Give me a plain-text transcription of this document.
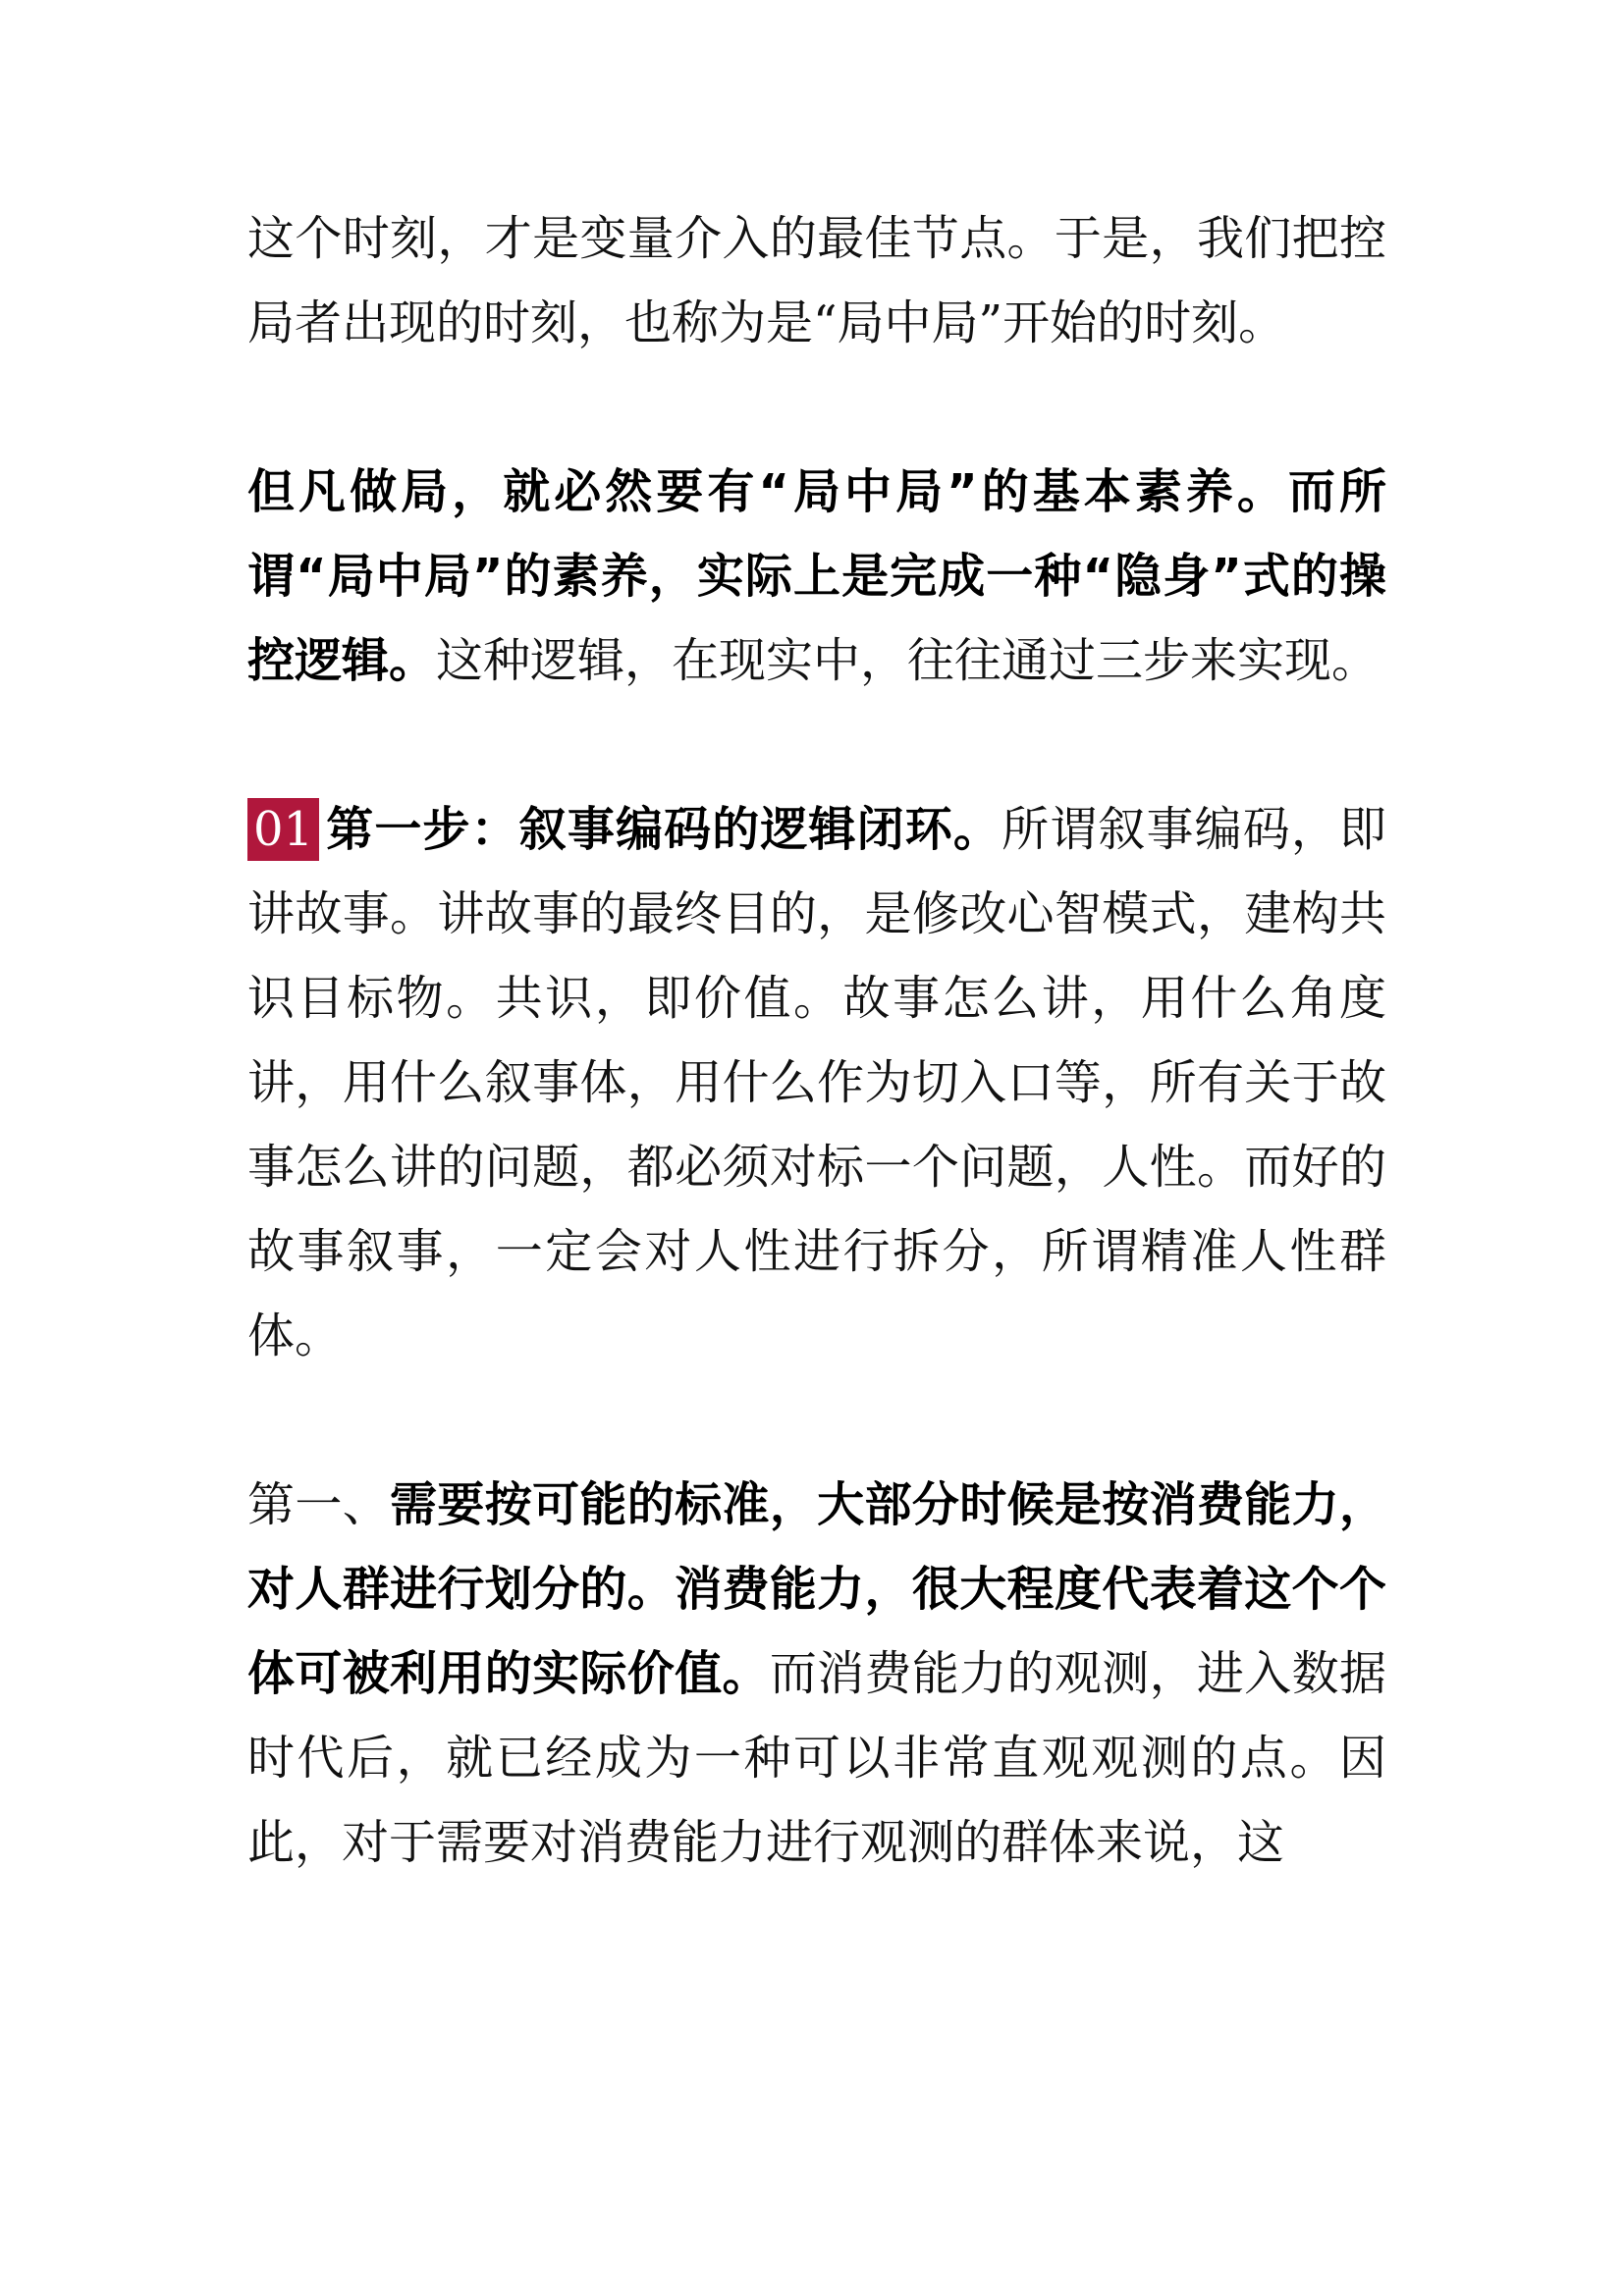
这个时刻，才是变量介入的最佳节点。于是，我们把控局者出现的时刻，也称为是“局中局”开始的时刻。

但凡做局，就必然要有“局中局”的基本素养。而所谓“局中局”的素养，实际上是完成一种“隐身”式的操控逻辑。这种逻辑，在现实中，往往通过三步来实现。

01 第一步：叙事编码的逻辑闭环。所谓叙事编码，即讲故事。讲故事的最终目的，是修改心智模式，建构共识目标物。共识，即价值。故事怎么讲，用什么角度讲，用什么叙事体，用什么作为切入口等，所有关于故事怎么讲的问题，都必须对标一个问题，人性。而好的故事叙事，一定会对人性进行拆分，所谓精准人性群体。

第一、需要按可能的标准，大部分时候是按消费能力，对人群进行划分的。消费能力，很大程度代表着这个个体可被利用的实际价值。而消费能力的观测，进入数据时代后，就已经成为一种可以非常直观观测的点。因此，对于需要对消费能力进行观测的群体来说，这
